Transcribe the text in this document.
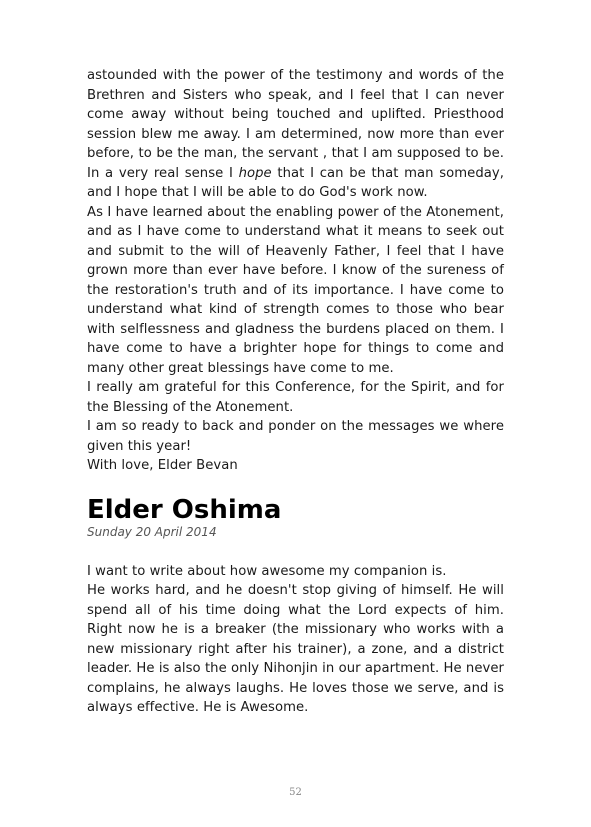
astounded with the power of the testimony and words of the Brethren and Sisters who speak, and I feel that I can never come away without being touched and uplifted. Priesthood session blew me away. I am determined, now more than ever before, to be the man, the servant , that I am supposed to be. In a very real sense I hope that I can be that man someday, and I hope that I will be able to do God's work now.

As I have learned about the enabling power of the Atonement, and as I have come to understand what it means to seek out and submit to the will of Heavenly Father, I feel that I have grown more than ever have before. I know of the sureness of the restoration's truth and of its importance. I have come to understand what kind of strength comes to those who bear with selflessness and gladness the burdens placed on them. I have come to have a brighter hope for things to come and many other great blessings have come to me.

I really am grateful for this Conference, for the Spirit, and for the Blessing of the Atonement.

I am so ready to back and ponder on the messages we where given this year!

With love, Elder Bevan

Elder Oshima
Sunday 20 April 2014

I want to write about how awesome my companion is.

He works hard, and he doesn't stop giving of himself. He will spend all of his time doing what the Lord expects of him. Right now he is a breaker (the missionary who works with a new missionary right after his trainer), a zone, and a district leader. He is also the only Nihonjin in our apartment. He never complains, he always laughs. He loves those we serve, and is always effective. He is Awesome.

52
